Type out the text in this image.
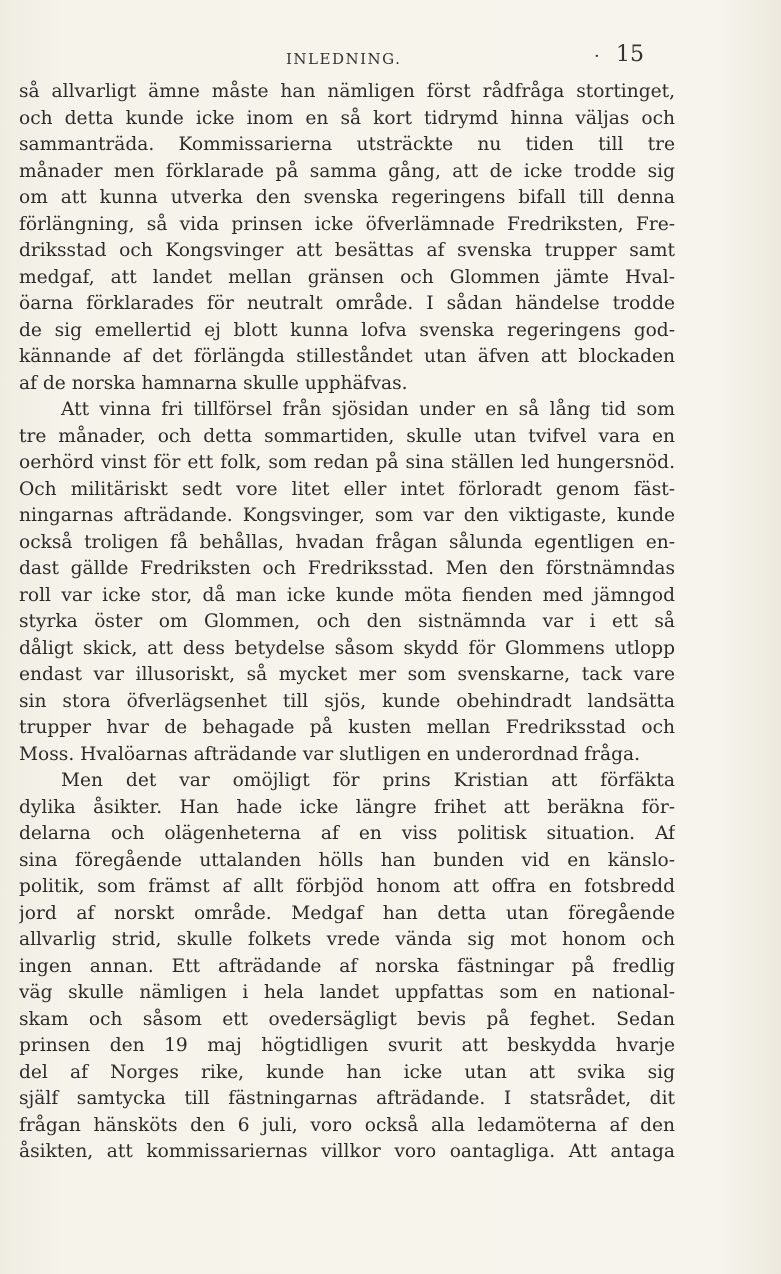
INLEDNING.	· 15
så allvarligt ämne måste han nämligen först rådfråga stortinget,
och detta kunde icke inom en så kort tidrymd hinna väljas och
sammanträda. Kommissarierna utsträckte nu tiden till tre
månader men förklarade på samma gång, att de icke trodde sig
om att kunna utverka den svenska regeringens bifall till denna
förlängning, så vida prinsen icke öfverlämnade Fredriksten, Fre-
driksstad och Kongsvinger att besättas af svenska trupper samt
medgaf, att landet mellan gränsen och Glommen jämte Hval-
öarna förklarades för neutralt område. I sådan händelse trodde
de sig emellertid ej blott kunna lofva svenska regeringens god-
kännande af det förlängda stilleståndet utan äfven att blockaden
af de norska hamnarna skulle upphäfvas.
Att vinna fri tillförsel från sjösidan under en så lång tid som
tre månader, och detta sommartiden, skulle utan tvifvel vara en
oerhörd vinst för ett folk, som redan på sina ställen led hungersnöd.
Och militäriskt sedt vore litet eller intet förloradt genom fäst-
ningarnas afträdande. Kongsvinger, som var den viktigaste, kunde
också troligen få behållas, hvadan frågan sålunda egentligen en-
dast gällde Fredriksten och Fredriksstad. Men den förstnämndas
roll var icke stor, då man icke kunde möta fienden med jämngod
styrka öster om Glommen, och den sistnämnda var i ett så
dåligt skick, att dess betydelse såsom skydd för Glommens utlopp
endast var illusoriskt, så mycket mer som svenskarne, tack vare
sin stora öfverlägsenhet till sjös, kunde obehindradt landsätta
trupper hvar de behagade på kusten mellan Fredriksstad och
Moss. Hvalöarnas afträdande var slutligen en underordnad fråga.
Men det var omöjligt för prins Kristian att förfäkta
dylika åsikter. Han hade icke längre frihet att beräkna för-
delarna och olägenheterna af en viss politisk situation. Af
sina föregående uttalanden hölls han bunden vid en känslo-
politik, som främst af allt förbjöd honom att offra en fotsbredd
jord af norskt område. Medgaf han detta utan föregående
allvarlig strid, skulle folkets vrede vända sig mot honom och
ingen annan. Ett afträdande af norska fästningar på fredlig
väg skulle nämligen i hela landet uppfattas som en national-
skam och såsom ett ovedersägligt bevis på feghet. Sedan
prinsen den 19 maj högtidligen svurit att beskydda hvarje
del af Norges rike, kunde han icke utan att svika sig
själf samtycka till fästningarnas afträdande. I statsrådet, dit
frågan hänsköts den 6 juli, voro också alla ledamöterna af den
åsikten, att kommissariernas villkor voro oantagliga. Att antaga
